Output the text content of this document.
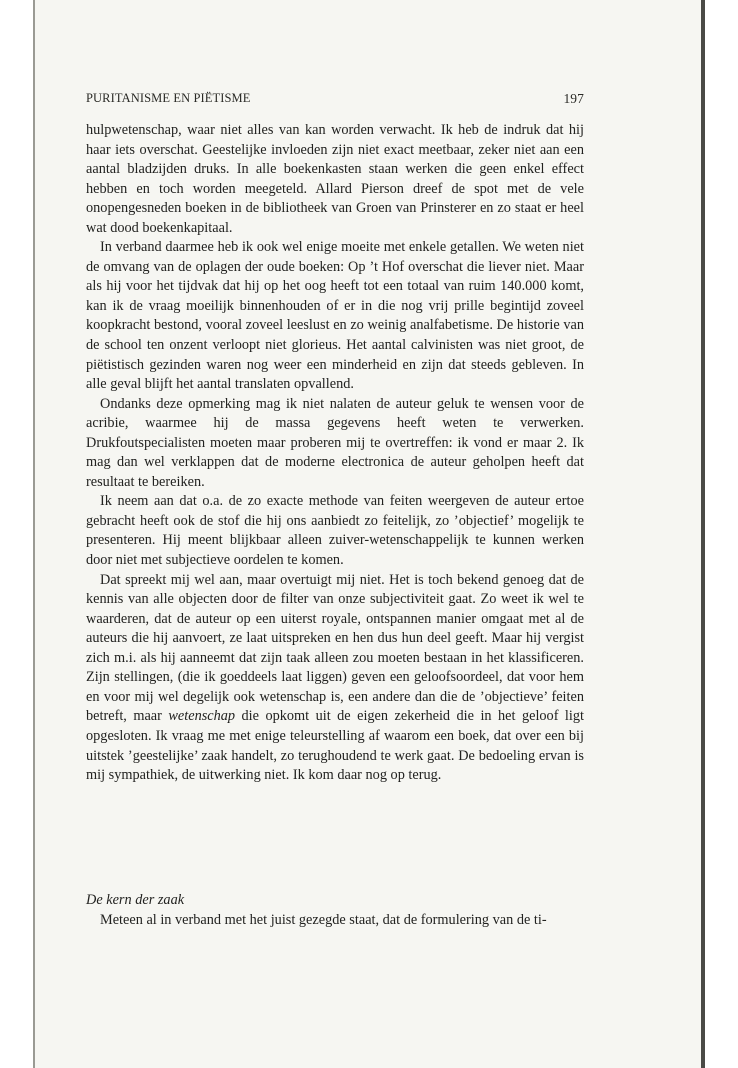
PURITANISME EN PIËTISME	197

hulpwetenschap, waar niet alles van kan worden verwacht. Ik heb de indruk dat hij haar iets overschat. Geestelijke invloeden zijn niet exact meetbaar, zeker niet aan een aantal bladzijden druks. In alle boekenkasten staan werken die geen enkel effect hebben en toch worden meegeteld. Allard Pierson dreef de spot met de vele onopengesneden boeken in de bibliotheek van Groen van Prinsterer en zo staat er heel wat dood boekenkapitaal.

In verband daarmee heb ik ook wel enige moeite met enkele getallen. We weten niet de omvang van de oplagen der oude boeken: Op ’t Hof overschat die liever niet. Maar als hij voor het tijdvak dat hij op het oog heeft tot een totaal van ruim 140.000 komt, kan ik de vraag moeilijk binnenhouden of er in die nog vrij prille begintijd zoveel koopkracht bestond, vooral zoveel leeslust en zo weinig analfabetisme. De historie van de school ten onzent verloopt niet glorieus. Het aantal calvinisten was niet groot, de piëtistisch gezinden waren nog weer een minderheid en zijn dat steeds gebleven. In alle geval blijft het aantal translaten opvallend.

Ondanks deze opmerking mag ik niet nalaten de auteur geluk te wensen voor de acribie, waarmee hij de massa gegevens heeft weten te verwerken. Drukfoutspecialisten moeten maar proberen mij te overtreffen: ik vond er maar 2. Ik mag dan wel verklappen dat de moderne electronica de auteur geholpen heeft dat resultaat te bereiken.

Ik neem aan dat o.a. de zo exacte methode van feiten weergeven de auteur ertoe gebracht heeft ook de stof die hij ons aanbiedt zo feitelijk, zo ’objectief’ mogelijk te presenteren. Hij meent blijkbaar alleen zuiver-wetenschappelijk te kunnen werken door niet met subjectieve oordelen te komen.

Dat spreekt mij wel aan, maar overtuigt mij niet. Het is toch bekend genoeg dat de kennis van alle objecten door de filter van onze subjectiviteit gaat. Zo weet ik wel te waarderen, dat de auteur op een uiterst royale, ontspannen manier omgaat met al de auteurs die hij aanvoert, ze laat uitspreken en hen dus hun deel geeft. Maar hij vergist zich m.i. als hij aanneemt dat zijn taak alleen zou moeten bestaan in het klassificeren. Zijn stellingen, (die ik goeddeels laat liggen) geven een geloofsoordeel, dat voor hem en voor mij wel degelijk ook wetenschap is, een andere dan die de ’objectieve’ feiten betreft, maar wetenschap die opkomt uit de eigen zekerheid die in het geloof ligt opgesloten. Ik vraag me met enige teleurstelling af waarom een boek, dat over een bij uitstek ’geestelijke’ zaak handelt, zo terughoudend te werk gaat. De bedoeling ervan is mij sympathiek, de uitwerking niet. Ik kom daar nog op terug.

De kern der zaak

Meteen al in verband met het juist gezegde staat, dat de formulering van de ti-
